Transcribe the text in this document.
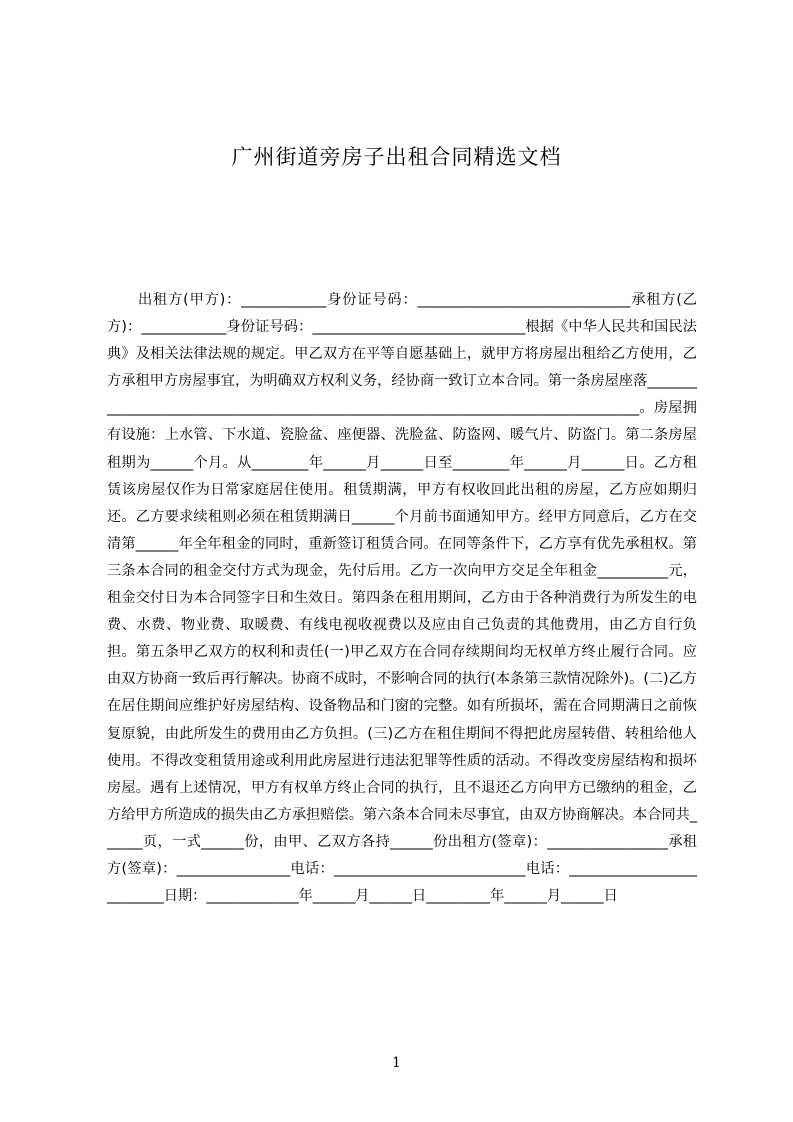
广州街道旁房子出租合同精选文档

出租方(甲方)：____________身份证号码：______________________________承租方(乙方)：____________身份证号码：______________________________根据《中华人民共和国民法典》及相关法律法规的规定。甲乙双方在平等自愿基础上，就甲方将房屋出租给乙方使用，乙方承租甲方房屋事宜，为明确双方权利义务，经协商一致订立本合同。第一条房屋座落__________________________________________________________________________________。房屋拥有设施：上水管、下水道、瓷脸盆、座便器、洗脸盆、防盗网、暖气片、防盗门。第二条房屋租期为______个月。从________年______月______日至________年______月______日。乙方租赁该房屋仅作为日常家庭居住使用。租赁期满，甲方有权收回此出租的房屋，乙方应如期归还。乙方要求续租则必须在租赁期满日______个月前书面通知甲方。经甲方同意后，乙方在交清第______年全年租金的同时，重新签订租赁合同。在同等条件下，乙方享有优先承租权。第三条本合同的租金交付方式为现金，先付后用。乙方一次向甲方交足全年租金__________元，租金交付日为本合同签字日和生效日。第四条在租用期间，乙方由于各种消费行为所发生的电费、水费、物业费、取暖费、有线电视收视费以及应由自己负责的其他费用，由乙方自行负担。第五条甲乙双方的权利和责任(一)甲乙双方在合同存续期间均无权单方终止履行合同。应由双方协商一致后再行解决。协商不成时，不影响合同的执行(本条第三款情况除外)。(二)乙方在居住期间应维护好房屋结构、设备物品和门窗的完整。如有所损坏，需在合同期满日之前恢复原貌，由此所发生的费用由乙方负担。(三)乙方在租住期间不得把此房屋转借、转租给他人使用。不得改变租赁用途或利用此房屋进行违法犯罪等性质的活动。不得改变房屋结构和损坏房屋。遇有上述情况，甲方有权单方终止合同的执行，且不退还乙方向甲方已缴纳的租金，乙方给甲方所造成的损失由乙方承担赔偿。第六条本合同未尽事宜，由双方协商解决。本合同共______页，一式______份，由甲、乙双方各持______份出租方(签章)：_________________承租方(签章)：________________电话：___________________________电话：__________________________日期：_____________年______月______日_________年______月______日

1
